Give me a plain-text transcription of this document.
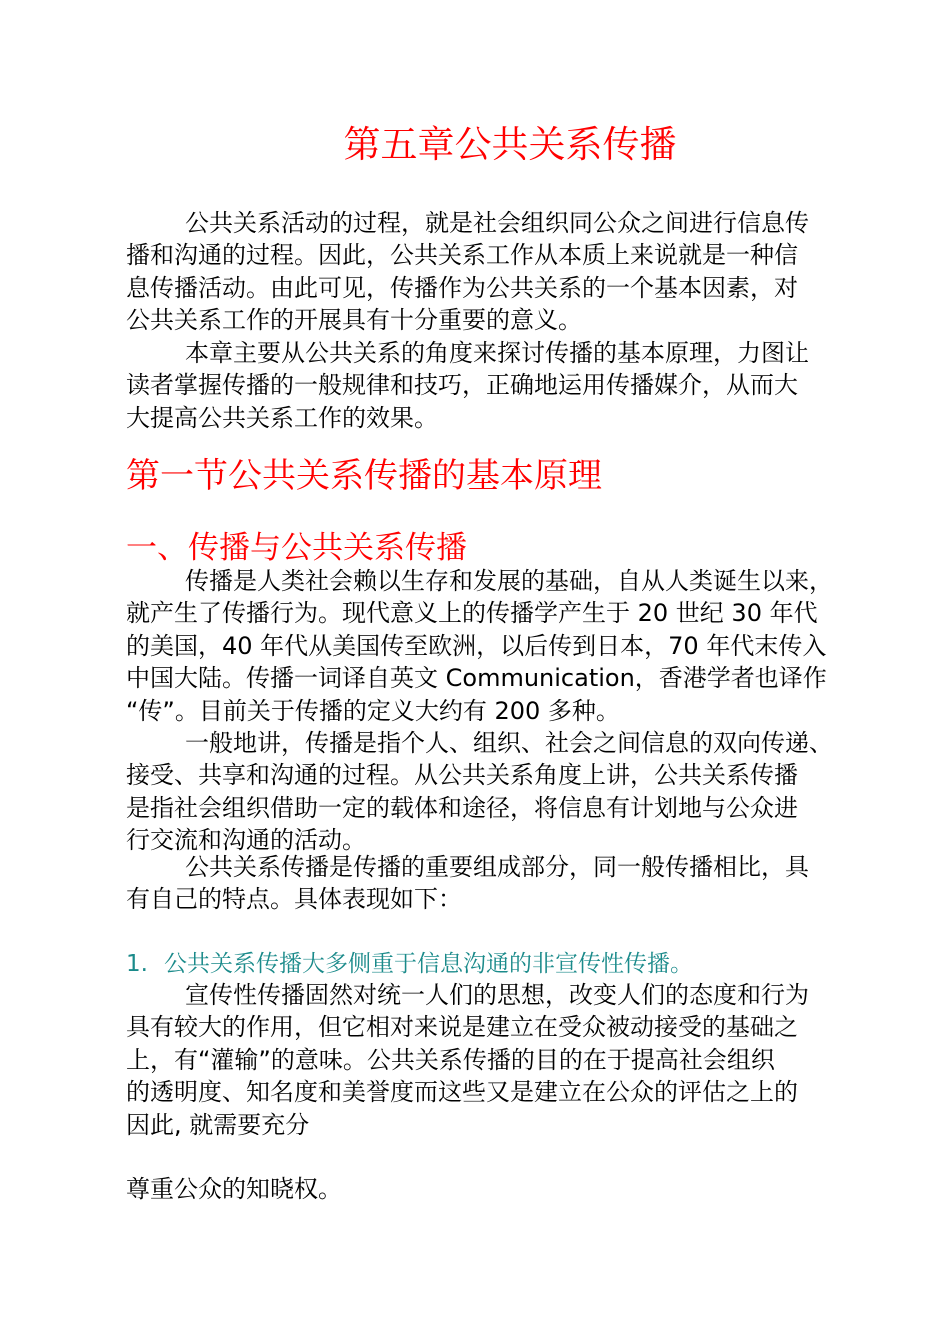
第五章公共关系传播
公共关系活动的过程，就是社会组织同公众之间进行信息传
播和沟通的过程。因此，公共关系工作从本质上来说就是一种信
息传播活动。由此可见，传播作为公共关系的一个基本因素，对
公共关系工作的开展具有十分重要的意义。
本章主要从公共关系的角度来探讨传播的基本原理，力图让
读者掌握传播的一般规律和技巧，正确地运用传播媒介，从而大
大提高公共关系工作的效果。
第一节公共关系传播的基本原理
一、传播与公共关系传播
传播是人类社会赖以生存和发展的基础，自从人类诞生以来，
就产生了传播行为。现代意义上的传播学产生于 20 世纪 30 年代
的美国，40 年代从美国传至欧洲，以后传到日本，70 年代末传入
中国大陆。传播一词译自英文 Communication，香港学者也译作
“传”。目前关于传播的定义大约有 200 多种。
一般地讲，传播是指个人、组织、社会之间信息的双向传递、
接受、共享和沟通的过程。从公共关系角度上讲，公共关系传播
是指社会组织借助一定的载体和途径，将信息有计划地与公众进
行交流和沟通的活动。
公共关系传播是传播的重要组成部分，同一般传播相比，具
有自己的特点。具体表现如下：
1. 公共关系传播大多侧重于信息沟通的非宣传性传播。
宣传性传播固然对统一人们的思想，改变人们的态度和行为
具有较大的作用，但它相对来说是建立在受众被动接受的基础之
上，有“灌输”的意味。公共关系传播的目的在于提高社会组织
的透明度、知名度和美誉度而这些又是建立在公众的评估之上的
因此, 就需要充分

尊重公众的知晓权。
